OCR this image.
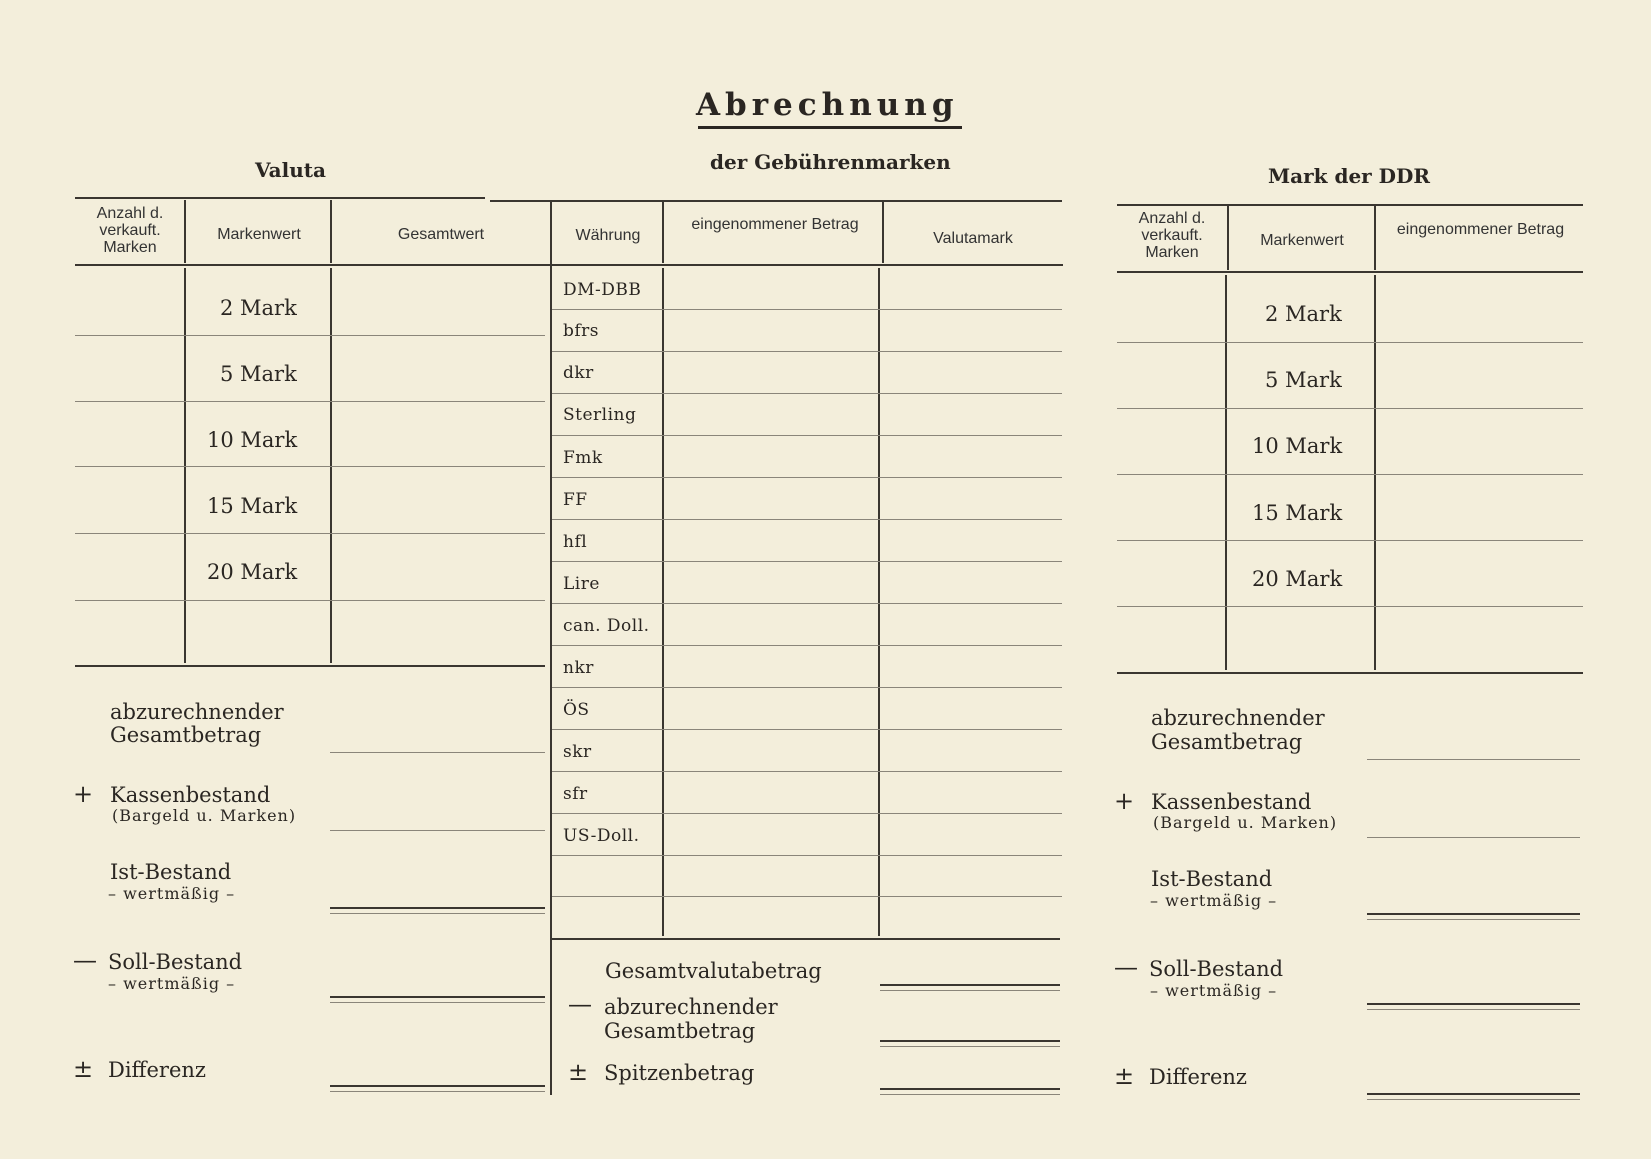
Abrechnung
der Gebührenmarken
Valuta
Anzahl d. verkauft. Marken
Markenwert	Gesamtwert
2 Mark
5 Mark
10 Mark
15 Mark
20 Mark
abzurechnender
Gesamtbetrag
+ Kassenbestand
(Bargeld u. Marken)
Ist-Bestand
– wertmäßig –
— Soll-Bestand
– wertmäßig –
± Differenz
Währung
eingenommener Betrag
Valutamark
DM-DBB
bfrs
dkr
Sterling
Fmk
FF
hfl
Lire
can. Doll.
nkr
ÖS
skr
sfr
US-Doll.
Gesamtvalutabetrag
— abzurechnender
Gesamtbetrag
± Spitzenbetrag
Mark der DDR
Anzahl d. verkauft. Marken
Markenwert
eingenommener Betrag
2 Mark
5 Mark
10 Mark
15 Mark
20 Mark
abzurechnender
Gesamtbetrag
+ Kassenbestand
(Bargeld u. Marken)
Ist-Bestand
– wertmäßig –
— Soll-Bestand
– wertmäßig –
± Differenz
